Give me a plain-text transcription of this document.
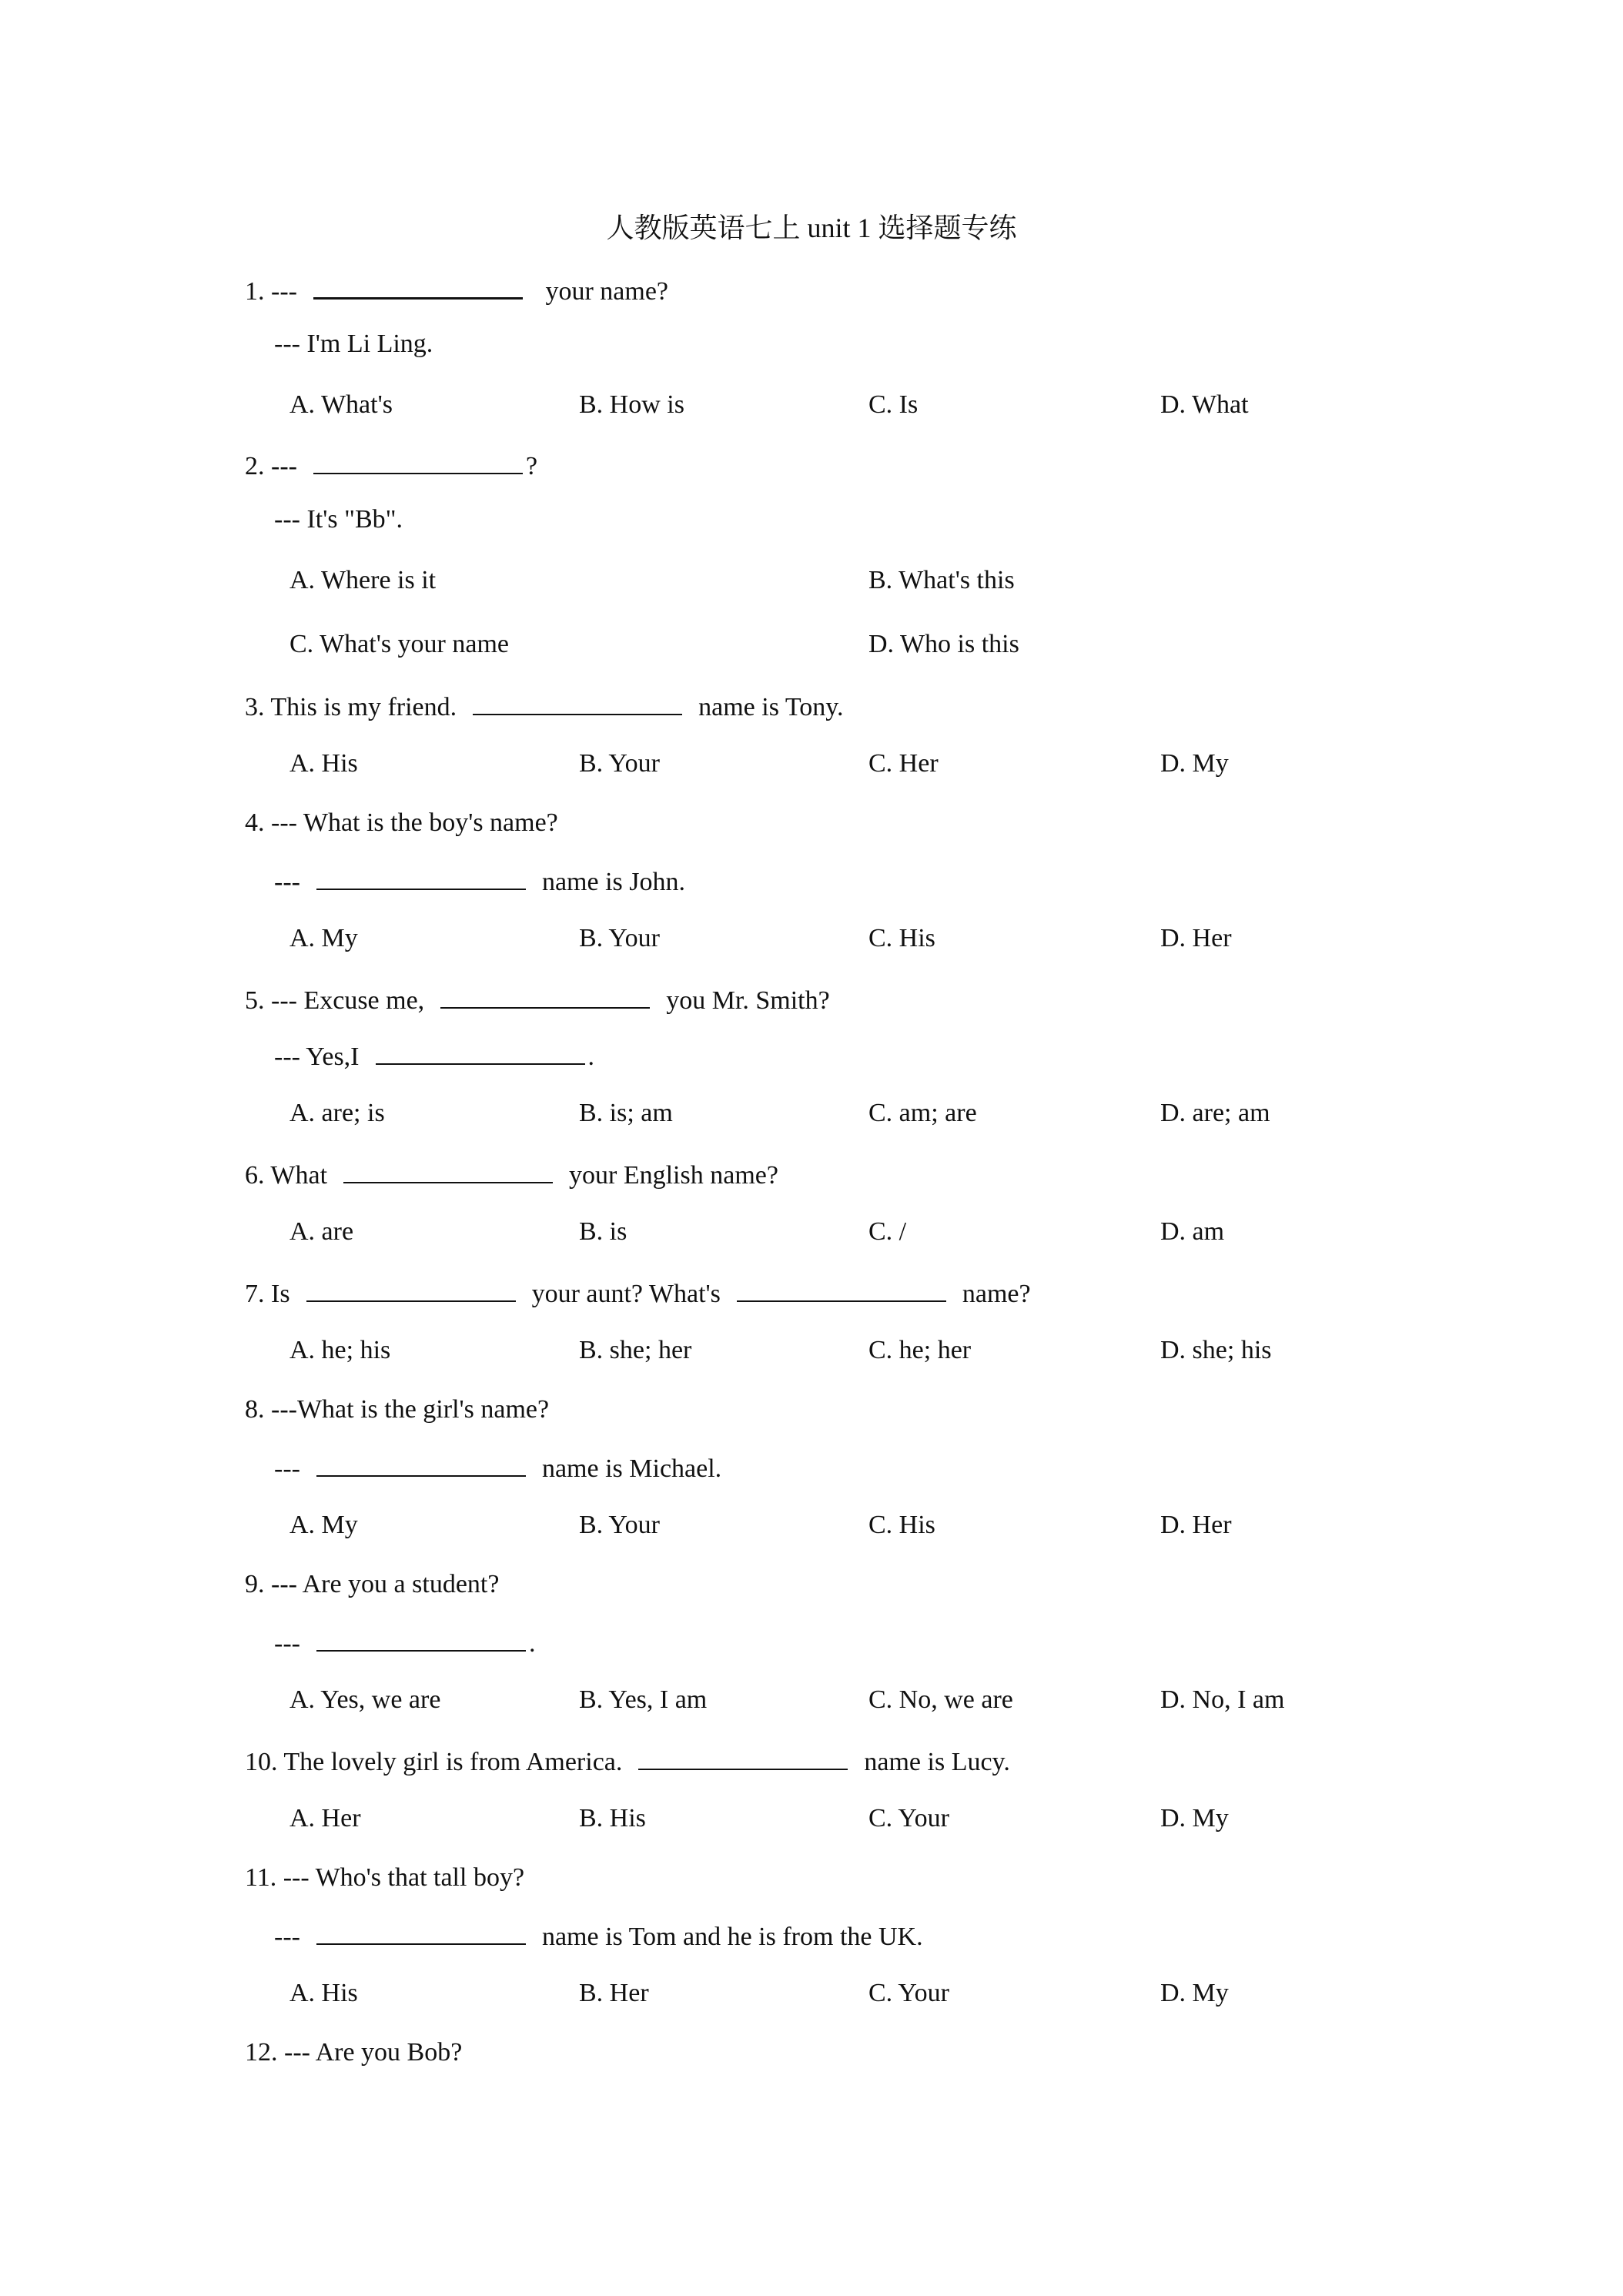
人教版英语七上 unit 1 选择题专练
1. ---	your name?
--- I'm Li Ling.
A. What's	B. How is	C. Is	D. What
2. ---	?
--- It's "Bb".
A. Where is it	B. What's this
C. What's your name	D. Who is this
3. This is my friend.	name is Tony.
A. His	B. Your	C. Her	D. My
4. --- What is the boy's name?
---	name is John.
A. My	B. Your	C. His	D. Her
5. --- Excuse me,	you Mr. Smith?
--- Yes,I	.
A. are; is	B. is; am	C. am; are	D. are; am
6. What	your English name?
A. are	B. is	C. /	D. am
7. Is	your aunt? What's	name?
A. he; his	B. she; her	C. he; her	D. she; his
8. ---What is the girl's name?
---	name is Michael.
A. My	B. Your	C. His	D. Her
9. --- Are you a student?
---	.
A. Yes, we are	B. Yes, I am	C. No, we are	D. No, I am
10. The lovely girl is from America.	name is Lucy.
A. Her	B. His	C. Your	D. My
11. --- Who's that tall boy?
---	name is Tom and he is from the UK.
A. His	B. Her	C. Your	D. My
12. --- Are you Bob?
